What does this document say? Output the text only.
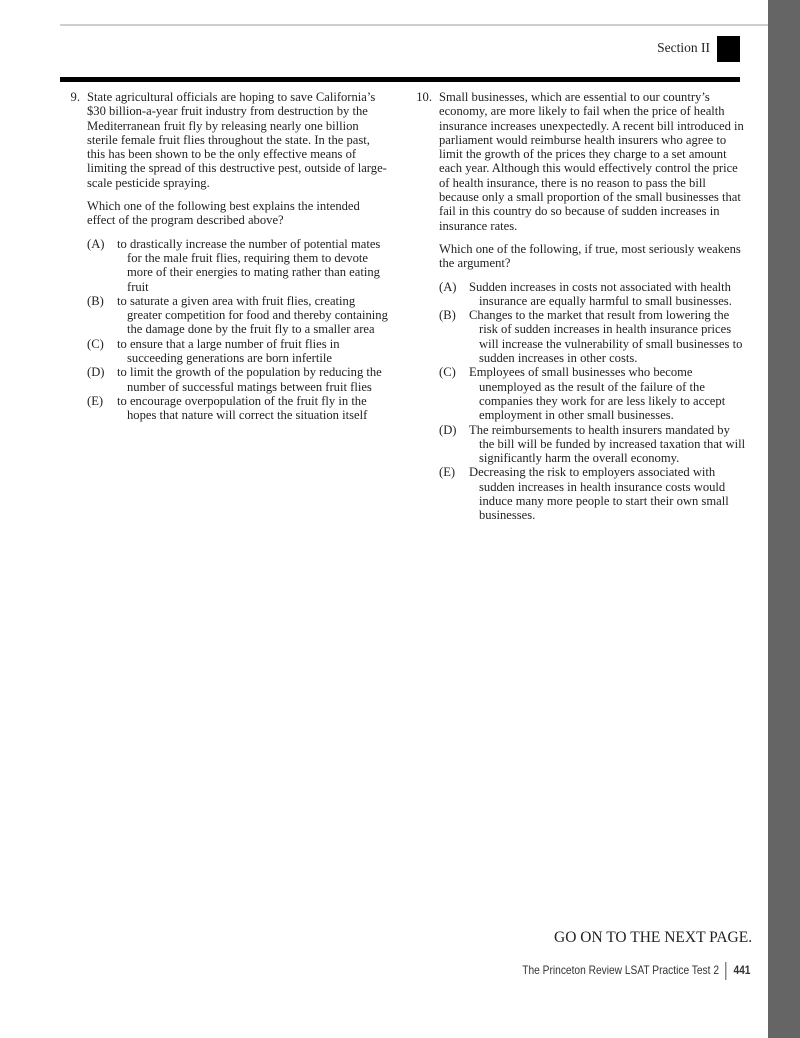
Section II
9. State agricultural officials are hoping to save California’s $30 billion-a-year fruit industry from destruction by the Mediterranean fruit fly by releasing nearly one billion sterile female fruit flies throughout the state. In the past, this has been shown to be the only effective means of limiting the spread of this destructive pest, outside of large-scale pesticide spraying.

Which one of the following best explains the intended effect of the program described above?

(A) to drastically increase the number of potential mates for the male fruit flies, requiring them to devote more of their energies to mating rather than eating fruit
(B) to saturate a given area with fruit flies, creating greater competition for food and thereby containing the damage done by the fruit fly to a smaller area
(C) to ensure that a large number of fruit flies in succeeding generations are born infertile
(D) to limit the growth of the population by reducing the number of successful matings between fruit flies
(E) to encourage overpopulation of the fruit fly in the hopes that nature will correct the situation itself
10. Small businesses, which are essential to our country’s economy, are more likely to fail when the price of health insurance increases unexpectedly. A recent bill introduced in parliament would reimburse health insurers who agree to limit the growth of the prices they charge to a set amount each year. Although this would effectively control the price of health insurance, there is no reason to pass the bill because only a small proportion of the small businesses that fail in this country do so because of sudden increases in insurance rates.

Which one of the following, if true, most seriously weakens the argument?

(A) Sudden increases in costs not associated with health insurance are equally harmful to small businesses.
(B) Changes to the market that result from lowering the risk of sudden increases in health insurance prices will increase the vulnerability of small businesses to sudden increases in other costs.
(C) Employees of small businesses who become unemployed as the result of the failure of the companies they work for are less likely to accept employment in other small businesses.
(D) The reimbursements to health insurers mandated by the bill will be funded by increased taxation that will significantly harm the overall economy.
(E) Decreasing the risk to employers associated with sudden increases in health insurance costs would induce many more people to start their own small businesses.
GO ON TO THE NEXT PAGE.
The Princeton Review LSAT Practice Test 2 441
